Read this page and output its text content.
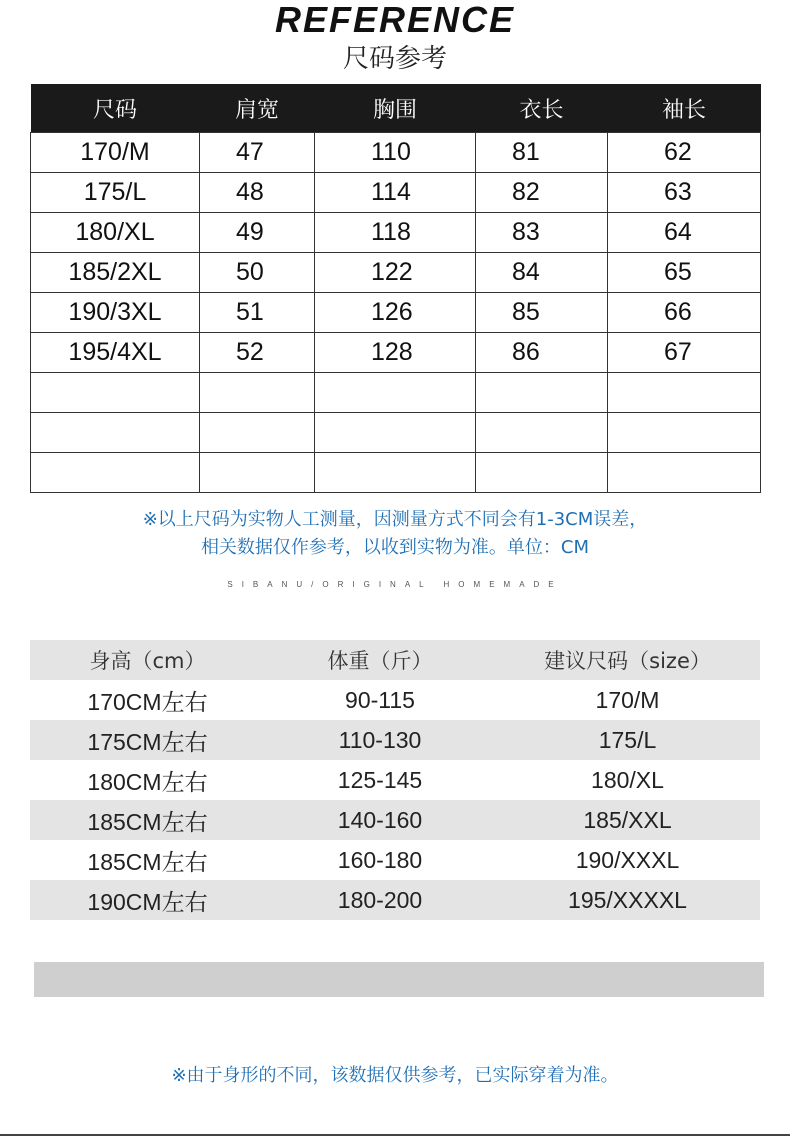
REFERENCE
尺码参考
尺码	肩宽	胸围	衣长	袖长
170/M	47	110	81	62
175/L	48	114	82	63
180/XL	49	118	83	64
185/2XL	50	122	84	65
190/3XL	51	126	85	66
195/4XL	52	128	86	67

※以上尺码为实物人工测量，因测量方式不同会有1-3CM误差，
相关数据仅作参考，以收到实物为准。单位：CM
SIBANU/ORIGINAL HOMEMADE
身高（cm）	体重（斤）	建议尺码（size）
170CM左右	90-115	170/M
175CM左右	110-130	175/L
180CM左右	125-145	180/XL
185CM左右	140-160	185/XXL
185CM左右	160-180	190/XXXL
190CM左右	180-200	195/XXXXL
※由于身形的不同，该数据仅供参考，已实际穿着为准。
